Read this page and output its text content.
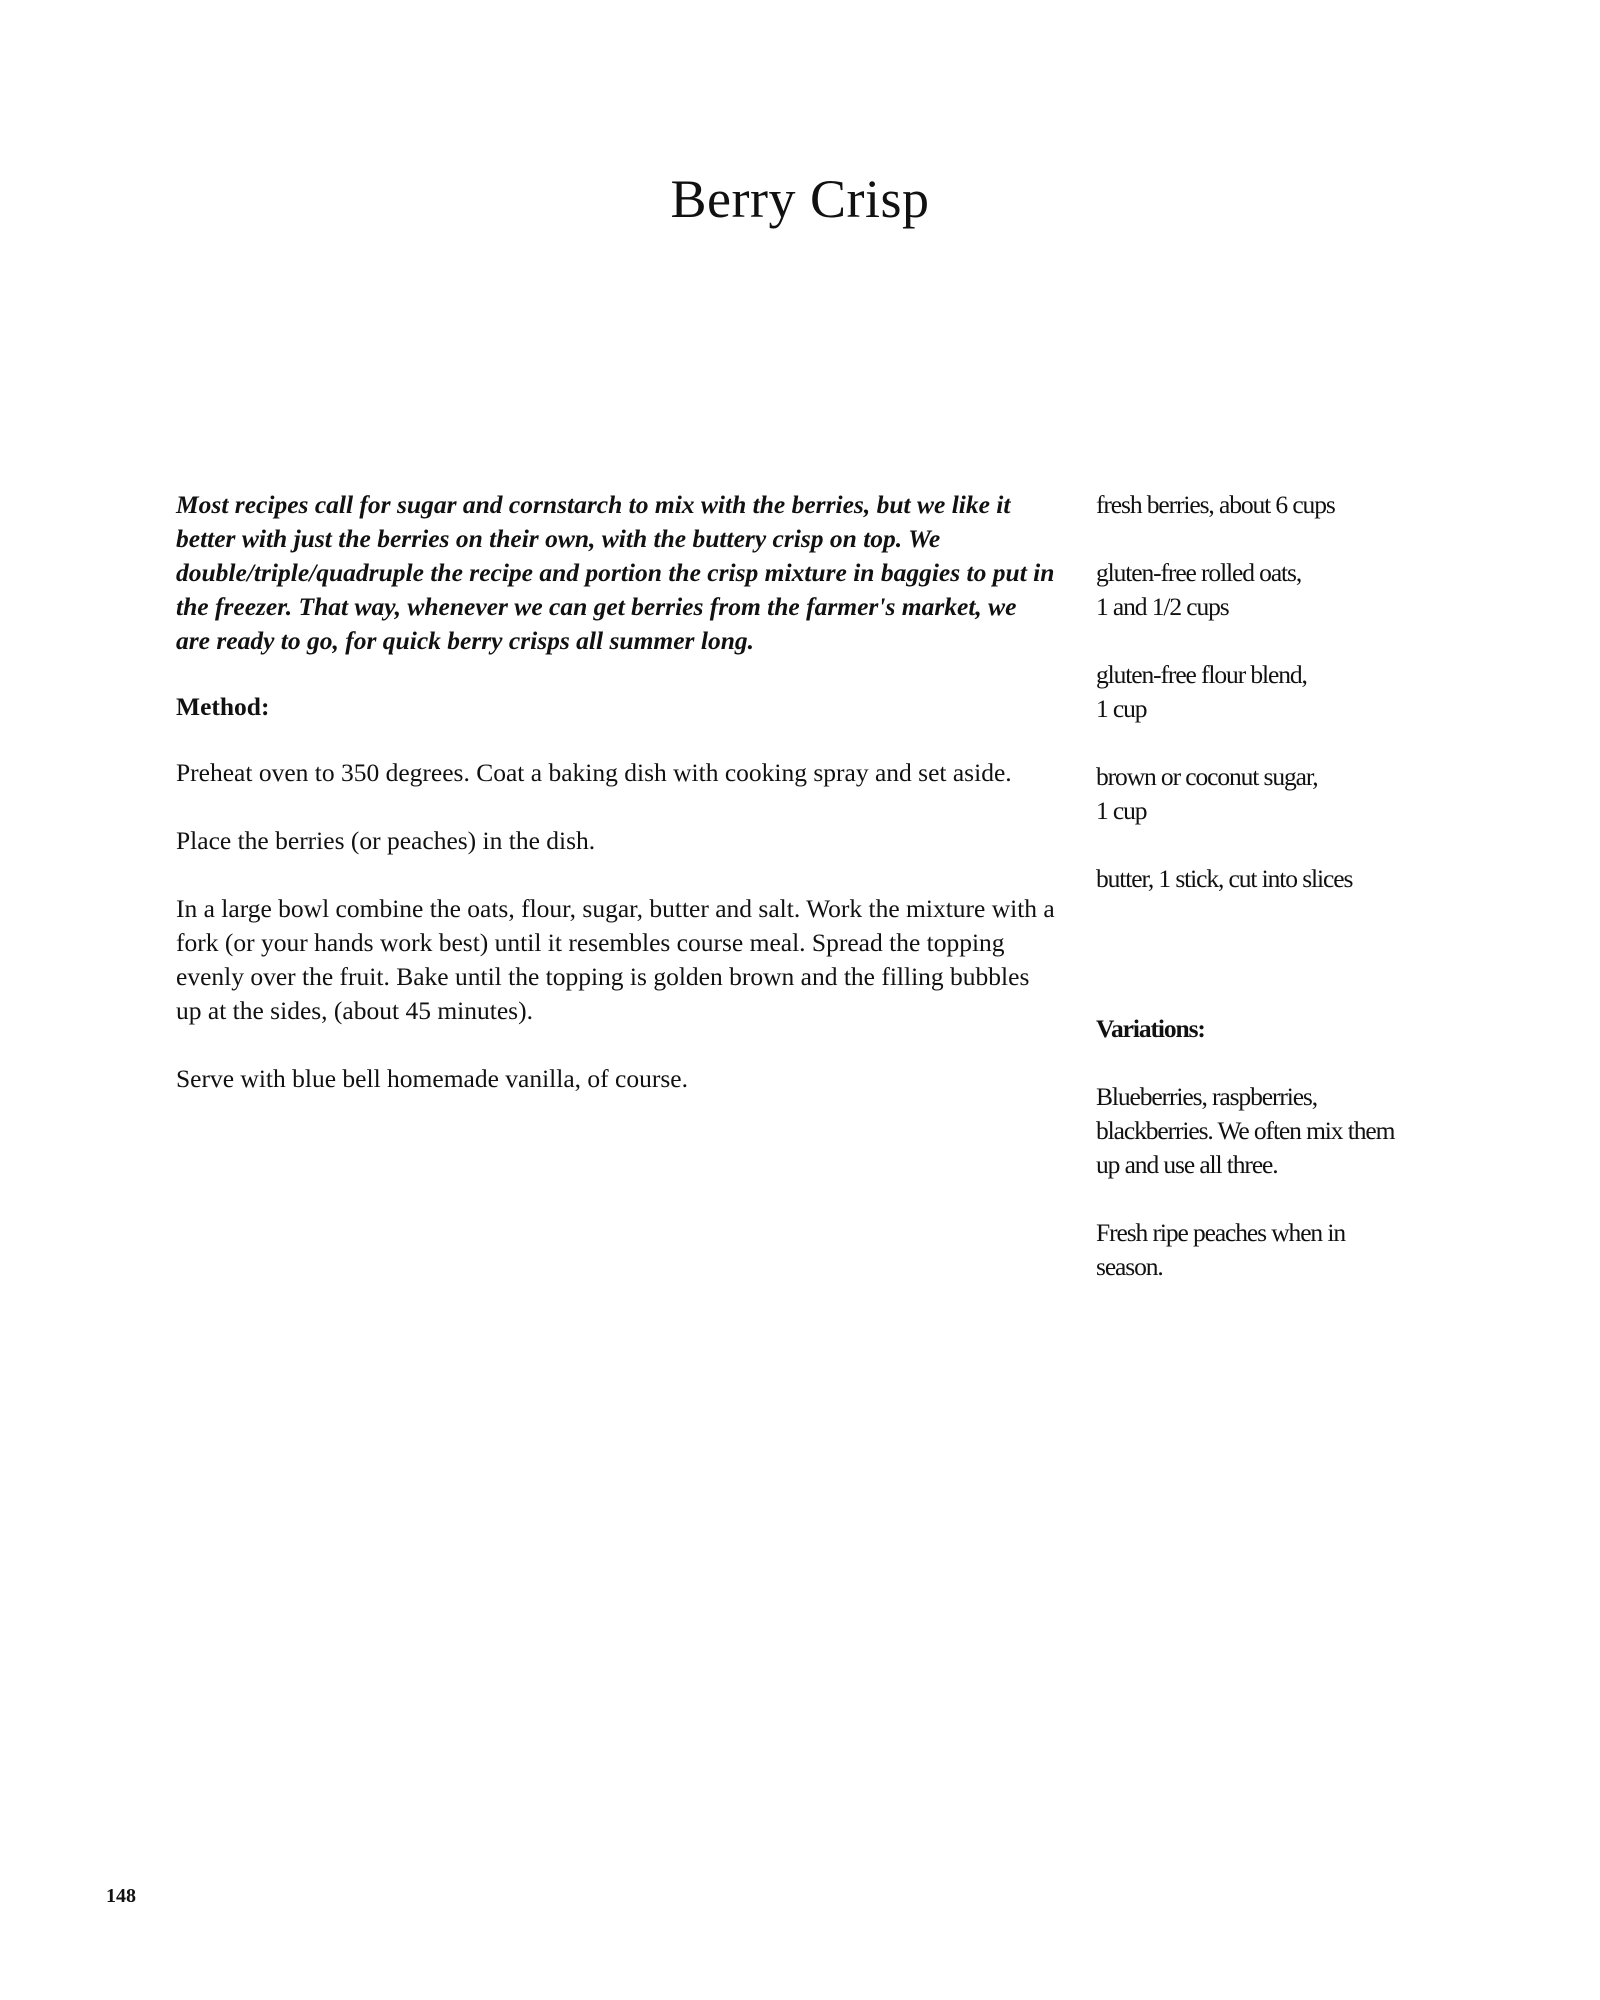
Berry Crisp

Most recipes call for sugar and cornstarch to mix with the berries, but we like it better with just the berries on their own, with the buttery crisp on top. We double/triple/quadruple the recipe and portion the crisp mixture in baggies to put in the freezer. That way, whenever we can get berries from the farmer's market, we are ready to go, for quick berry crisps all summer long.

Method:

Preheat oven to 350 degrees. Coat a baking dish with cooking spray and set aside.

Place the berries (or peaches) in the dish.

In a large bowl combine the oats, flour, sugar, butter and salt. Work the mixture with a fork (or your hands work best) until it resembles course meal. Spread the topping evenly over the fruit. Bake until the topping is golden brown and the filling bubbles up at the sides, (about 45 minutes).

Serve with blue bell homemade vanilla, of course.

fresh berries, about 6 cups
gluten-free rolled oats,
1 and 1/2 cups
gluten-free flour blend,
1 cup
brown or coconut sugar,
1 cup
butter, 1 stick, cut into slices
Variations:
Blueberries, raspberries, blackberries. We often mix them up and use all three.
Fresh ripe peaches when in season.
148
